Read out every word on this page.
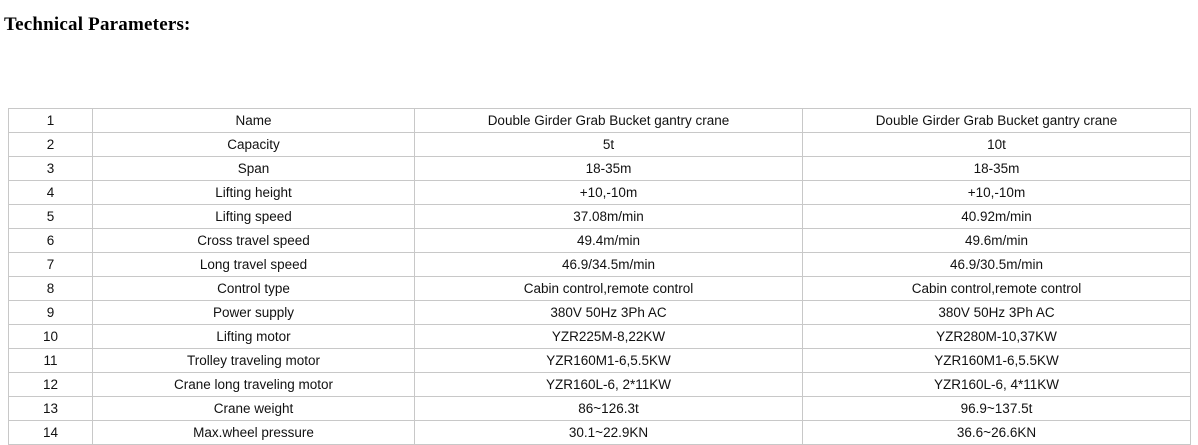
Technical Parameters:
1	Name	Double Girder Grab Bucket gantry crane	Double Girder Grab Bucket gantry crane
2	Capacity	5t	10t
3	Span	18-35m	18-35m
4	Lifting height	+10,-10m	+10,-10m
5	Lifting speed	37.08m/min	40.92m/min
6	Cross travel speed	49.4m/min	49.6m/min
7	Long travel speed	46.9/34.5m/min	46.9/30.5m/min
8	Control type	Cabin control,remote control	Cabin control,remote control
9	Power supply	380V 50Hz 3Ph AC	380V 50Hz 3Ph AC
10	Lifting motor	YZR225M-8,22KW	YZR280M-10,37KW
11	Trolley traveling motor	YZR160M1-6,5.5KW	YZR160M1-6,5.5KW
12	Crane long traveling motor	YZR160L-6, 2*11KW	YZR160L-6, 4*11KW
13	Crane weight	86~126.3t	96.9~137.5t
14	Max.wheel pressure	30.1~22.9KN	36.6~26.6KN
